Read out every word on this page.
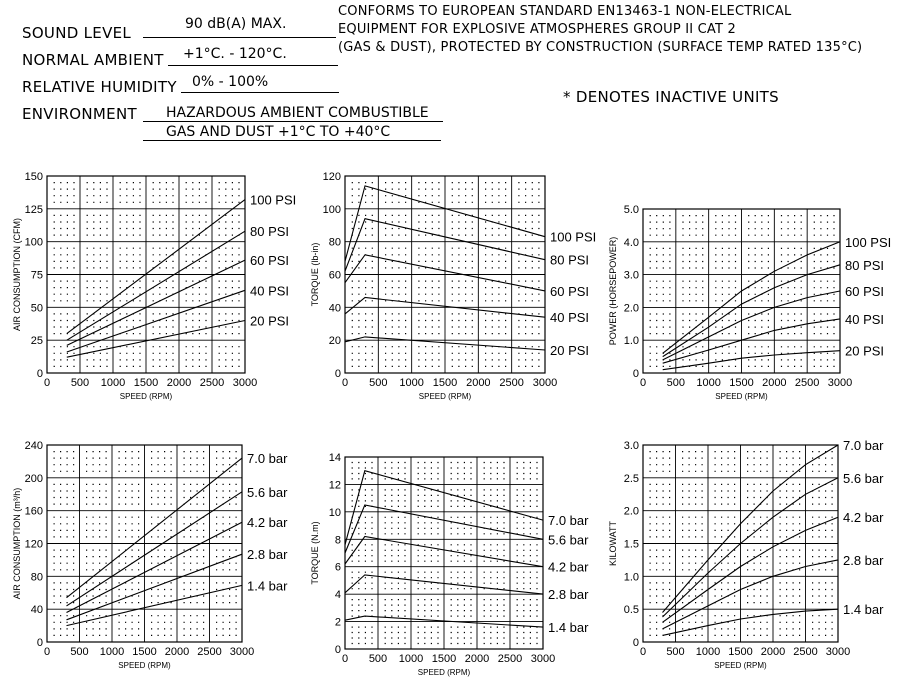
SOUND LEVEL	90 dB(A) MAX.
NORMAL AMBIENT +1°C. - 120°C.
RELATIVE HUMIDITY 0% - 100%
ENVIRONMENT HAZARDOUS AMBIENT COMBUSTIBLE
GAS AND DUST +1°C TO +40°C
CONFORMS TO EUROPEAN STANDARD EN13463-1 NON-ELECTRICAL
EQUIPMENT FOR EXPLOSIVE ATMOSPHERES GROUP II CAT 2
(GAS & DUST), PROTECTED BY CONSTRUCTION (SURFACE TEMP RATED 135°C)
* DENOTES INACTIVE UNITS
0 500 1000 1500 2000 2500 3000
0
25
50
75
100
125
150
SPEED (RPM)
AIR CONSUMPTION (CFM)
100 PSI
80 PSI
60 PSI
40 PSI
20 PSI
0 500 1000 1500 2000 2500 3000
0
20
40
60
80
100
120
SPEED (RPM)
TORQUE (lb-in)
100 PSI
80 PSI
60 PSI
40 PSI
20 PSI
0 500 1000 1500 2000 2500 3000
0
1.0
2.0
3.0
4.0
5.0
SPEED (RPM)
POWER (HORSEPOWER)	100 PSI
80 PSI
60 PSI
40 PSI
20 PSI
0 500 1000 1500 2000 2500 3000
0
40
80
120
160
200
240
SPEED (RPM)
AIR CONSUMPTION (m³/h)
7.0 bar
5.6 bar
4.2 bar
2.8 bar
1.4 bar
0 500 1000 1500 2000 2500 3000
0
2
4
6
8
10
12
14
SPEED (RPM)
TORQUE (N.m)
7.0 bar
5.6 bar
4.2 bar
2.8 bar
1.4 bar
0 500 1000 1500 2000 2500 3000
0
0.5
1.0
1.5
2.0
2.5
3.0
SPEED (RPM)
KILOWATT
7.0 bar
5.6 bar
4.2 bar
2.8 bar
1.4 bar
